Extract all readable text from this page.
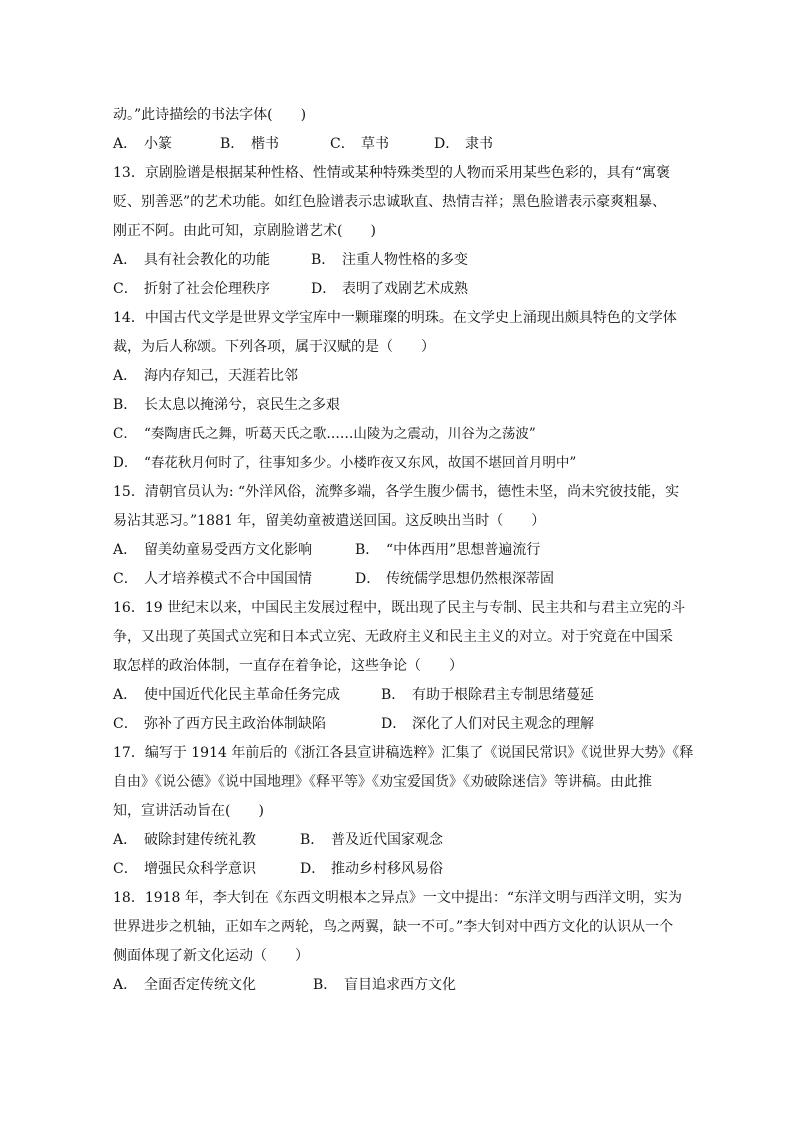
动。”此诗描绘的书法字体(　　)
A． 小篆	B． 楷书	C． 草书	D． 隶书
13．京剧脸谱是根据某种性格、性情或某种特殊类型的人物而采用某些色彩的，具有“寓褒
贬、别善恶”的艺术功能。如红色脸谱表示忠诚耿直、热情吉祥；黑色脸谱表示豪爽粗暴、
刚正不阿。由此可知，京剧脸谱艺术(　　)
A． 具有社会教化的功能	B． 注重人物性格的多变
C． 折射了社会伦理秩序	D． 表明了戏剧艺术成熟
14．中国古代文学是世界文学宝库中一颗璀璨的明珠。在文学史上涌现出颇具特色的文学体
裁，为后人称颂。下列各项，属于汉赋的是（　　）
A． 海内存知己，天涯若比邻
B． 长太息以掩涕兮，哀民生之多艰
C． “奏陶唐氏之舞，听葛天氏之歌……山陵为之震动，川谷为之荡波”
D． “春花秋月何时了，往事知多少。小楼昨夜又东风，故国不堪回首月明中”
15．清朝官员认为: “外洋风俗，流弊多端，各学生腹少儒书，德性未坚，尚未究彼技能，实
易沾其恶习。”1881 年，留美幼童被遣送回国。这反映出当时（　　）
A． 留美幼童易受西方文化影响	B． “中体西用”思想普遍流行
C． 人才培养模式不合中国国情	D． 传统儒学思想仍然根深蒂固
16．19 世纪末以来，中国民主发展过程中，既出现了民主与专制、民主共和与君主立宪的斗
争，又出现了英国式立宪和日本式立宪、无政府主义和民主主义的对立。对于究竟在中国采
取怎样的政治体制，一直存在着争论，这些争论（　　）
A． 使中国近代化民主革命任务完成	B． 有助于根除君主专制思绪蔓延
C． 弥补了西方民主政治体制缺陷	D． 深化了人们对民主观念的理解
17．编写于 1914 年前后的《浙江各县宣讲稿选粹》汇集了《说国民常识》《说世界大势》《释
自由》《说公德》《说中国地理》《释平等》《劝宝爱国货》《劝破除迷信》等讲稿。由此推
知，宣讲活动旨在(　　)
A． 破除封建传统礼教	B． 普及近代国家观念
C． 增强民众科学意识	D． 推动乡村移风易俗
18．1918 年，李大钊在《东西文明根本之异点》一文中提出：“东洋文明与西洋文明，实为
世界进步之机轴，正如车之两轮，鸟之两翼，缺一不可。”李大钊对中西方文化的认识从一个
侧面体现了新文化运动（　　）
A． 全面否定传统文化	B． 盲目追求西方文化
